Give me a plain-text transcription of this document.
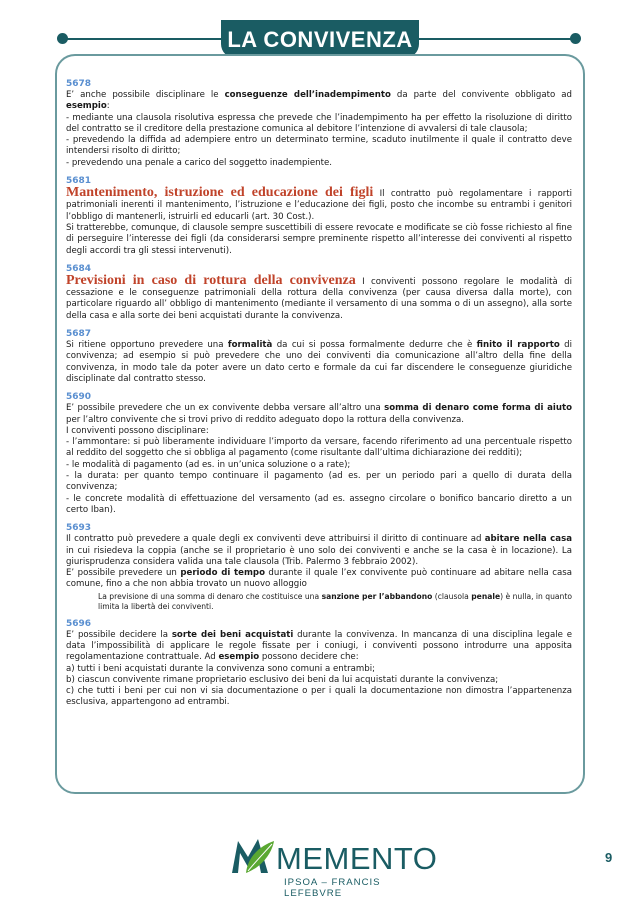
LA CONVIVENZA
5678

E’ anche possibile disciplinare le conseguenze dell’inadempimento da parte del convivente obbligato ad esempio:

- mediante una clausola risolutiva espressa che prevede che l’inadempimento ha per effetto la risoluzione di diritto del contratto se il creditore della prestazione comunica al debitore l’intenzione di avvalersi di tale clausola;

- prevedendo la diffida ad adempiere entro un determinato termine, scaduto inutilmente il quale il contratto deve intendersi risolto di diritto;

- prevedendo una penale a carico del soggetto inadempiente.

5681

Mantenimento, istruzione ed educazione dei figli Il contratto può regolamentare i rapporti patrimoniali inerenti il mantenimento, l’istruzione e l’educazione dei figli, posto che incombe su entrambi i genitori l’obbligo di mantenerli, istruirli ed educarli (art. 30 Cost.).

Si tratterebbe, comunque, di clausole sempre suscettibili di essere revocate e modificate se ciò fosse richiesto al fine di perseguire l’interesse dei figli (da considerarsi sempre preminente rispetto all’interesse dei conviventi al rispetto degli accordi tra gli stessi intervenuti).

5684

Previsioni in caso di rottura della convivenza I conviventi possono regolare le modalità di cessazione e le conseguenze patrimoniali della rottura della convivenza (per causa diversa dalla morte), con particolare riguardo all’ obbligo di mantenimento (mediante il versamento di una somma o di un assegno), alla sorte della casa e alla sorte dei beni acquistati durante la convivenza.

5687

Si ritiene opportuno prevedere una formalità da cui si possa formalmente dedurre che è finito il rapporto di convivenza; ad esempio si può prevedere che uno dei conviventi dia comunicazione all’altro della fine della convivenza, in modo tale da poter avere un dato certo e formale da cui far discendere le conseguenze giuridiche disciplinate dal contratto stesso.

5690

E’ possibile prevedere che un ex convivente debba versare all’altro una somma di denaro come forma di aiuto per l’altro convivente che si trovi privo di reddito adeguato dopo la rottura della convivenza.

I conviventi possono disciplinare:

- l’ammontare: si può liberamente individuare l’importo da versare, facendo riferimento ad una percentuale rispetto al reddito del soggetto che si obbliga al pagamento (come risultante dall’ultima dichiarazione dei redditi);

- le modalità di pagamento (ad es. in un’unica soluzione o a rate);

- la durata: per quanto tempo continuare il pagamento (ad es. per un periodo pari a quello di durata della convivenza;

- le concrete modalità di effettuazione del versamento (ad es. assegno circolare o bonifico bancario diretto a un certo Iban).

5693

Il contratto può prevedere a quale degli ex conviventi deve attribuirsi il diritto di continuare ad abitare nella casa in cui risiedeva la coppia (anche se il proprietario è uno solo dei conviventi e anche se la casa è in locazione). La giurisprudenza considera valida una tale clausola (Trib. Palermo 3 febbraio 2002).

E’ possibile prevedere un periodo di tempo durante il quale l’ex convivente può continuare ad abitare nella casa comune, fino a che non abbia trovato un nuovo alloggio

La previsione di una somma di denaro che costituisce una sanzione per l’abbandono (clausola penale) è nulla, in quanto limita la libertà dei conviventi.

5696

E’ possibile decidere la sorte dei beni acquistati durante la convivenza. In mancanza di una disciplina legale e data l’impossibilità di applicare le regole fissate per i coniugi, i conviventi possono introdurre una apposita regolamentazione contrattuale. Ad esempio possono decidere che:

a) tutti i beni acquistati durante la convivenza sono comuni a entrambi;

b) ciascun convivente rimane proprietario esclusivo dei beni da lui acquistati durante la convivenza;

c) che tutti i beni per cui non vi sia documentazione o per i quali la documentazione non dimostra l’appartenenza esclusiva, appartengono ad entrambi.

MEMENTO
IPSOA – FRANCIS LEFEBVRE
9
